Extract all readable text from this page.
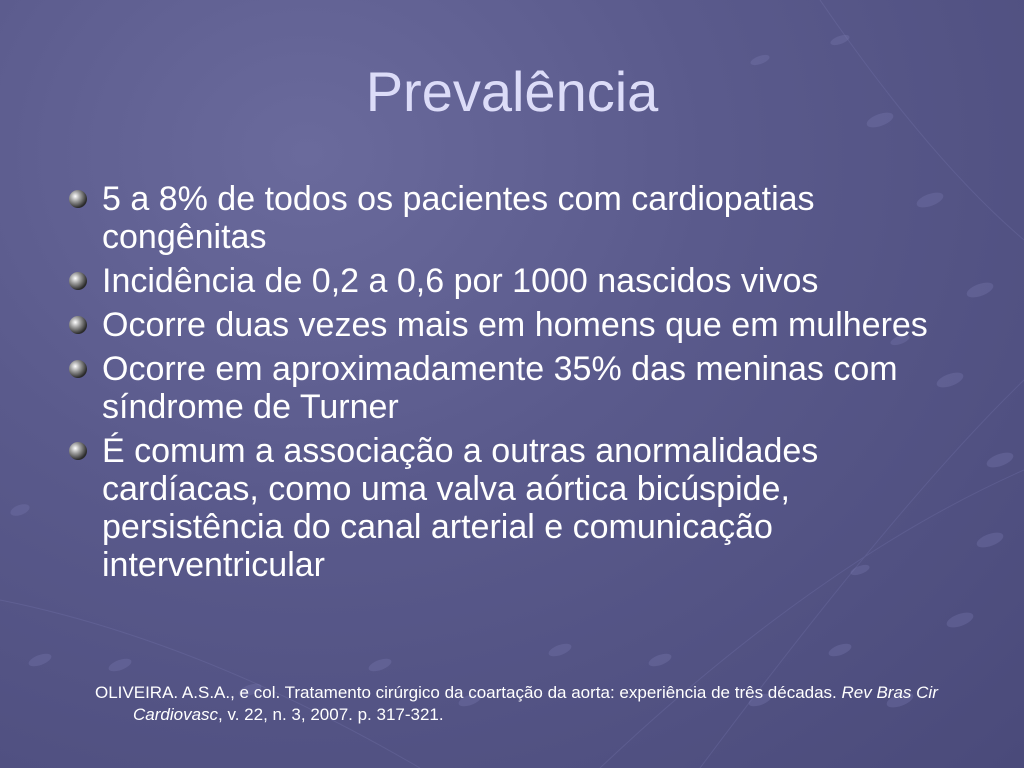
Prevalência
5 a 8% de todos os pacientes com cardiopatias congênitas
Incidência de 0,2 a 0,6 por 1000 nascidos vivos
Ocorre duas vezes mais em homens que em mulheres
Ocorre em aproximadamente 35% das meninas com síndrome de Turner
É comum a associação a outras anormalidades cardíacas, como uma valva aórtica bicúspide, persistência do canal arterial e comunicação interventricular
OLIVEIRA. A.S.A., e col. Tratamento cirúrgico da coartação da aorta: experiência de três décadas. Rev Bras Cir Cardiovasc, v. 22, n. 3, 2007. p. 317-321.
